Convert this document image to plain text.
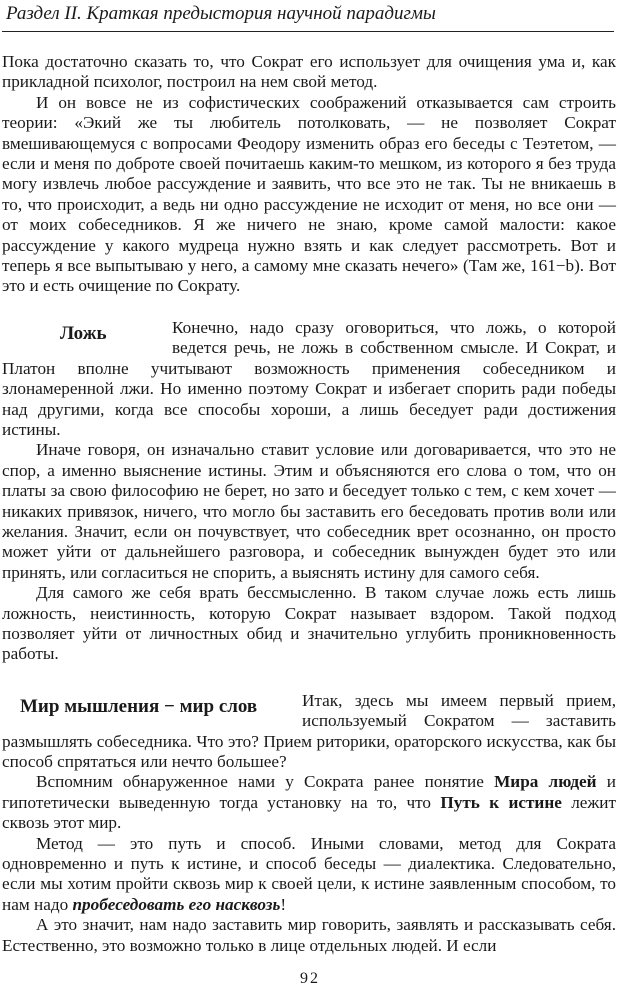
Раздел II. Краткая предыстория научной парадигмы

Пока достаточно сказать то, что Сократ его использует для очищения ума и, как прикладной психолог, построил на нем свой метод.

И он вовсе не из софистических соображений отказывается сам строить теории: «Экий же ты любитель потолковать, — не позволяет Сократ вмешивающемуся с вопросами Феодору изменить образ его беседы с Теэтетом, — если и меня по доброте своей почитаешь каким-то мешком, из которого я без труда могу извлечь любое рассуждение и заявить, что все это не так. Ты не вникаешь в то, что происходит, а ведь ни одно рассуждение не исходит от меня, но все они — от моих собеседников. Я же ничего не знаю, кроме самой малости: какое рассуждение у какого мудреца нужно взять и как следует рассмотреть. Вот и теперь я все выпытываю у него, а самому мне сказать нечего» (Там же, 161−b). Вот это и есть очищение по Сократу.

Ложь	Конечно, надо сразу оговориться, что ложь, о которой ведется речь, не ложь в собственном смысле. И Сократ, и Платон вполне учитывают возможность применения собеседником и злонамеренной лжи. Но именно поэтому Сократ и избегает спорить ради победы над другими, когда все способы хороши, а лишь беседует ради достижения истины.

Иначе говоря, он изначально ставит условие или договаривается, что это не спор, а именно выяснение истины. Этим и объясняются его слова о том, что он платы за свою философию не берет, но зато и беседует только с тем, с кем хочет — никаких привязок, ничего, что могло бы заставить его беседовать против воли или желания. Значит, если он почувствует, что собеседник врет осознанно, он просто может уйти от дальнейшего разговора, и собеседник вынужден будет это или принять, или согласиться не спорить, а выяснять истину для самого себя.

Для самого же себя врать бессмысленно. В таком случае ложь есть лишь ложность, неистинность, которую Сократ называет вздором. Такой подход позволяет уйти от личностных обид и значительно углубить проникновенность работы.

Мир мышления − мир слов	Итак, здесь мы имеем первый прием, используемый Сократом — заставить размышлять собеседника. Что это? Прием риторики, ораторского искусства, как бы способ спрятаться или нечто большее?

Вспомним обнаруженное нами у Сократа ранее понятие Мира людей и гипотетически выведенную тогда установку на то, что Путь к истине лежит сквозь этот мир.

Метод — это путь и способ. Иными словами, метод для Сократа одновременно и путь к истине, и способ беседы — диалектика. Следовательно, если мы хотим пройти сквозь мир к своей цели, к истине заявленным способом, то нам надо пробеседовать его насквозь!

А это значит, нам надо заставить мир говорить, заявлять и рассказывать себя. Естественно, это возможно только в лице отдельных людей. И если

92
